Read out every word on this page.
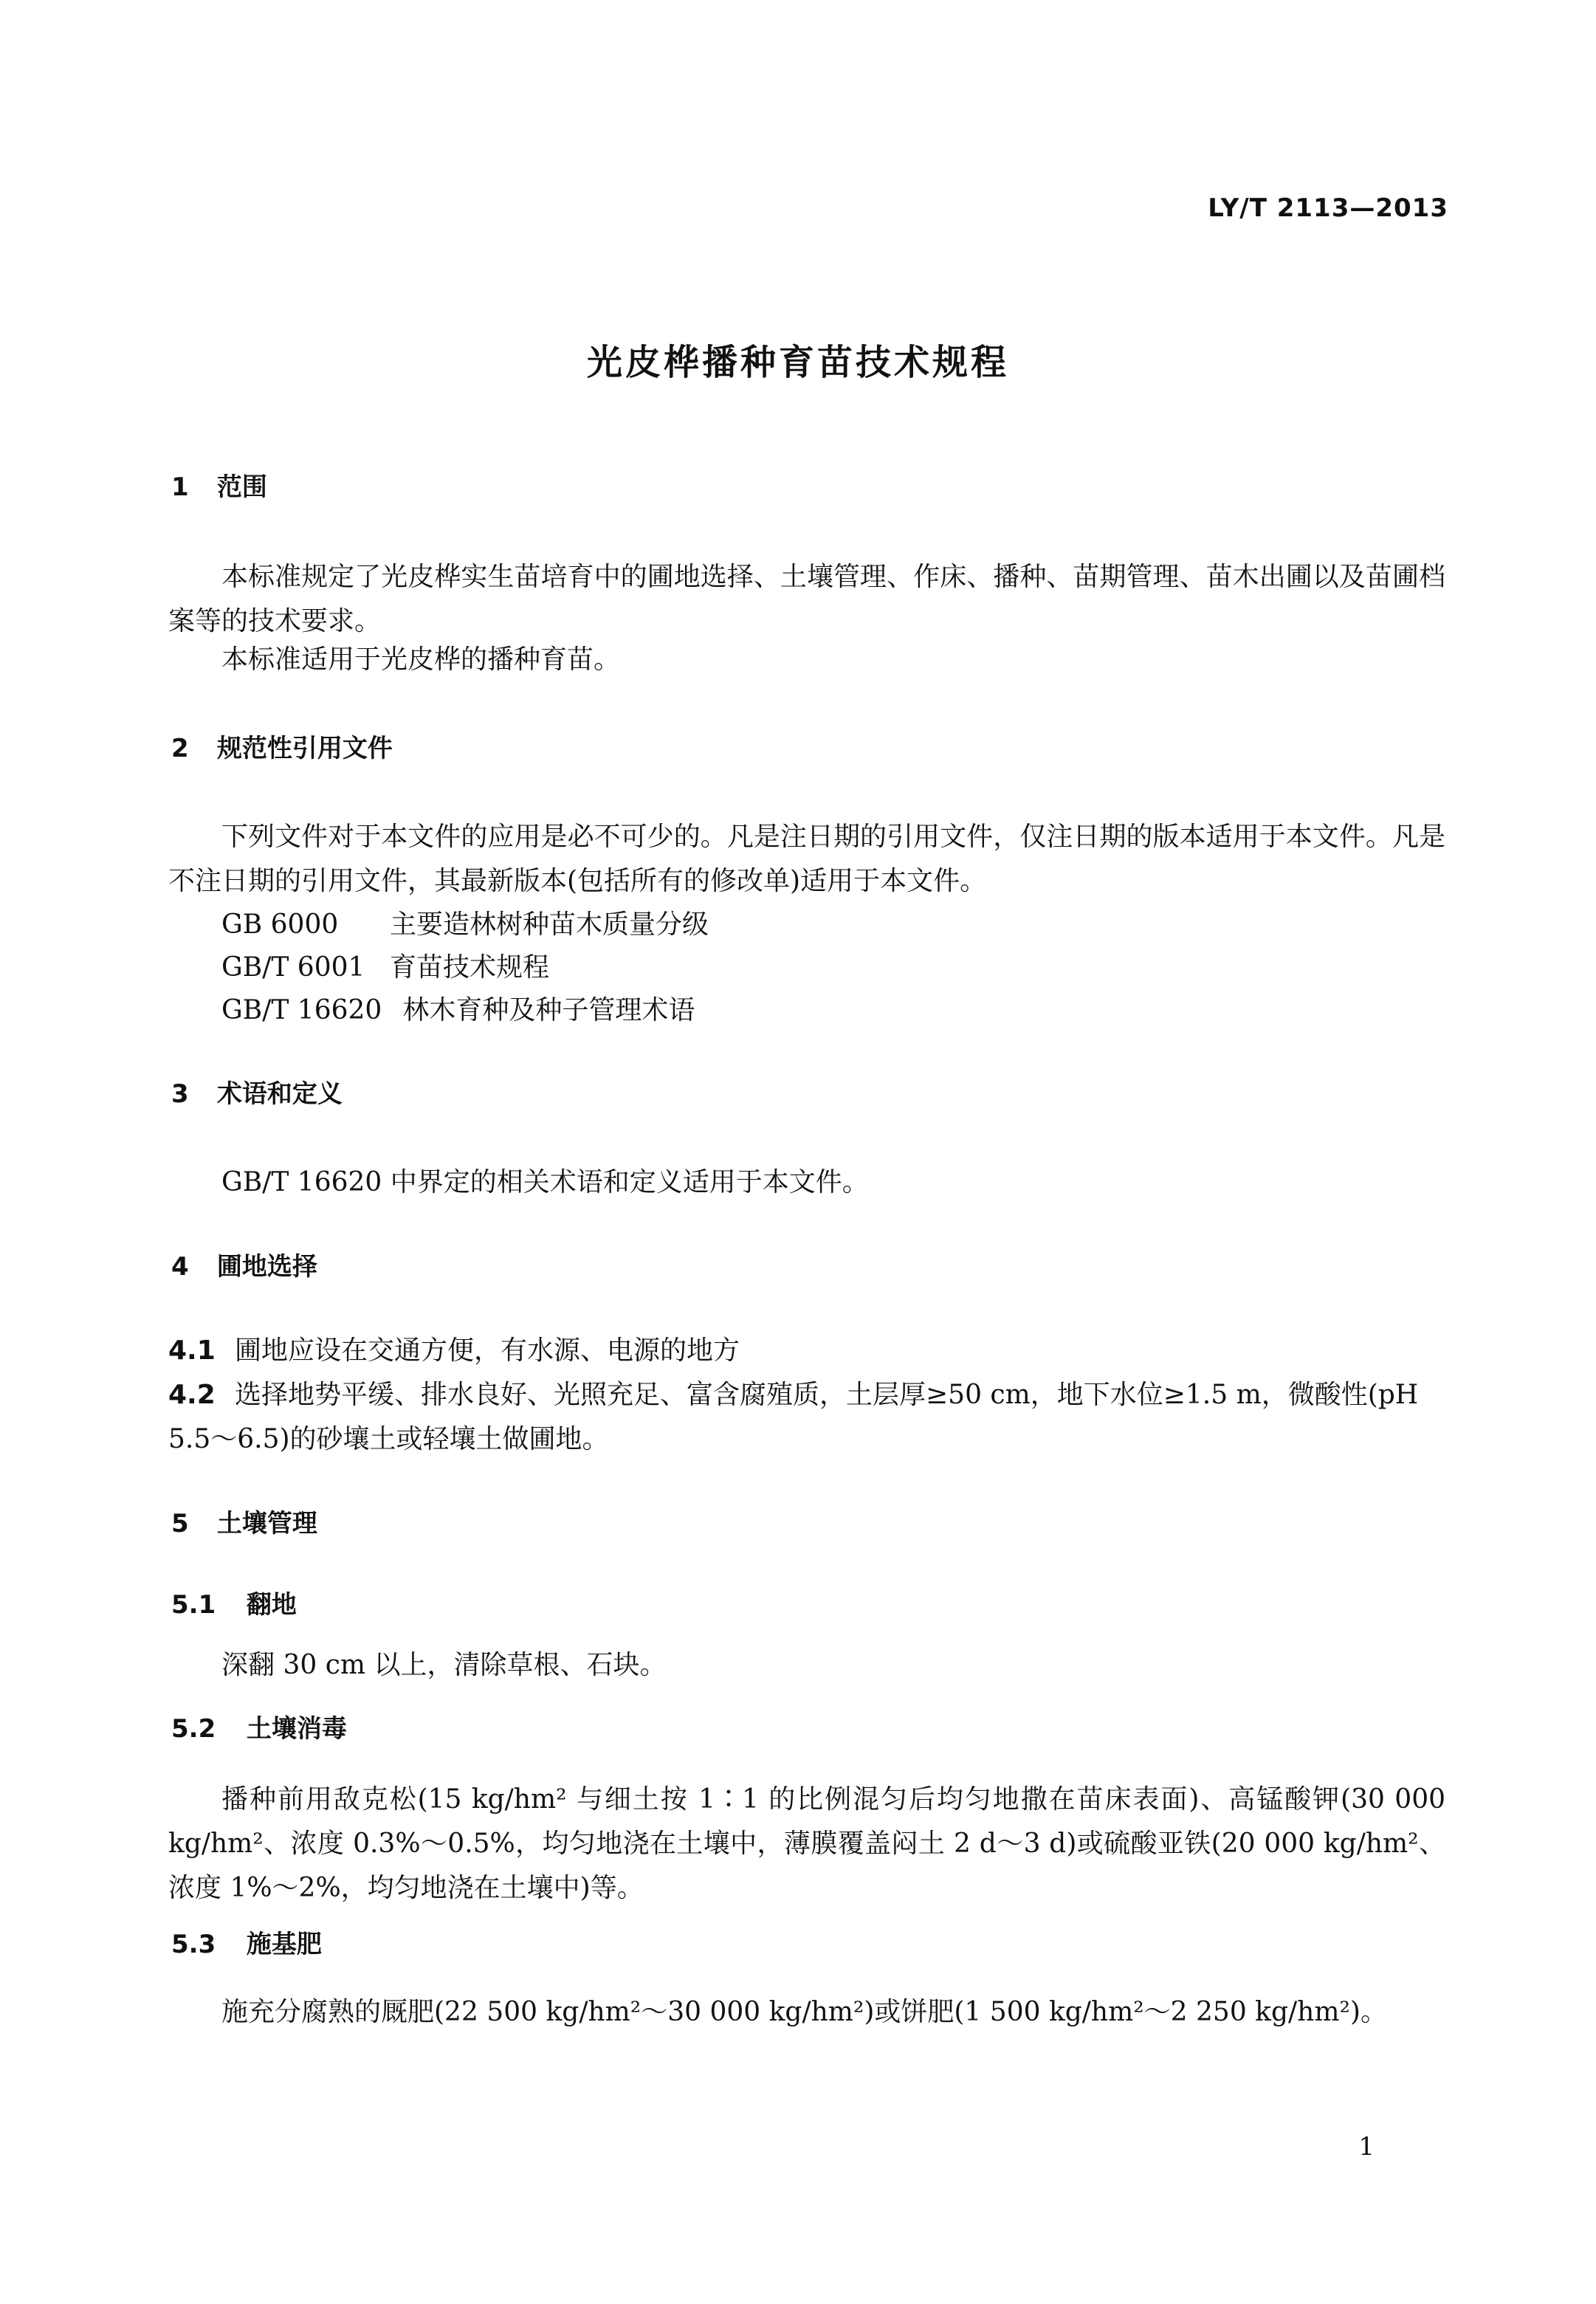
LY/T 2113—2013
光皮桦播种育苗技术规程
1 范围

本标准规定了光皮桦实生苗培育中的圃地选择、土壤管理、作床、播种、苗期管理、苗木出圃以及苗圃档案等的技术要求。

本标准适用于光皮桦的播种育苗。

2 规范性引用文件

下列文件对于本文件的应用是必不可少的。凡是注日期的引用文件，仅注日期的版本适用于本文件。凡是不注日期的引用文件，其最新版本(包括所有的修改单)适用于本文件。

GB 6000 主要造林树种苗木质量分级
GB/T 6001 育苗技术规程
GB/T 16620 林木育种及种子管理术语
3 术语和定义

GB/T 16620 中界定的相关术语和定义适用于本文件。

4 圃地选择

4.1 圃地应设在交通方便，有水源、电源的地方

4.2 选择地势平缓、排水良好、光照充足、富含腐殖质，土层厚≥50 cm，地下水位≥1.5 m，微酸性(pH 5.5～6.5)的砂壤土或轻壤土做圃地。

5 土壤管理
5.1 翻地

深翻 30 cm 以上，清除草根、石块。

5.2 土壤消毒

播种前用敌克松(15 kg/hm² 与细土按 1∶1 的比例混匀后均匀地撒在苗床表面)、高锰酸钾(30 000 kg/hm²、浓度 0.3%～0.5%，均匀地浇在土壤中，薄膜覆盖闷土 2 d～3 d)或硫酸亚铁(20 000 kg/hm²、浓度 1%～2%，均匀地浇在土壤中)等。

5.3 施基肥

施充分腐熟的厩肥(22 500 kg/hm²～30 000 kg/hm²)或饼肥(1 500 kg/hm²～2 250 kg/hm²)。

1
